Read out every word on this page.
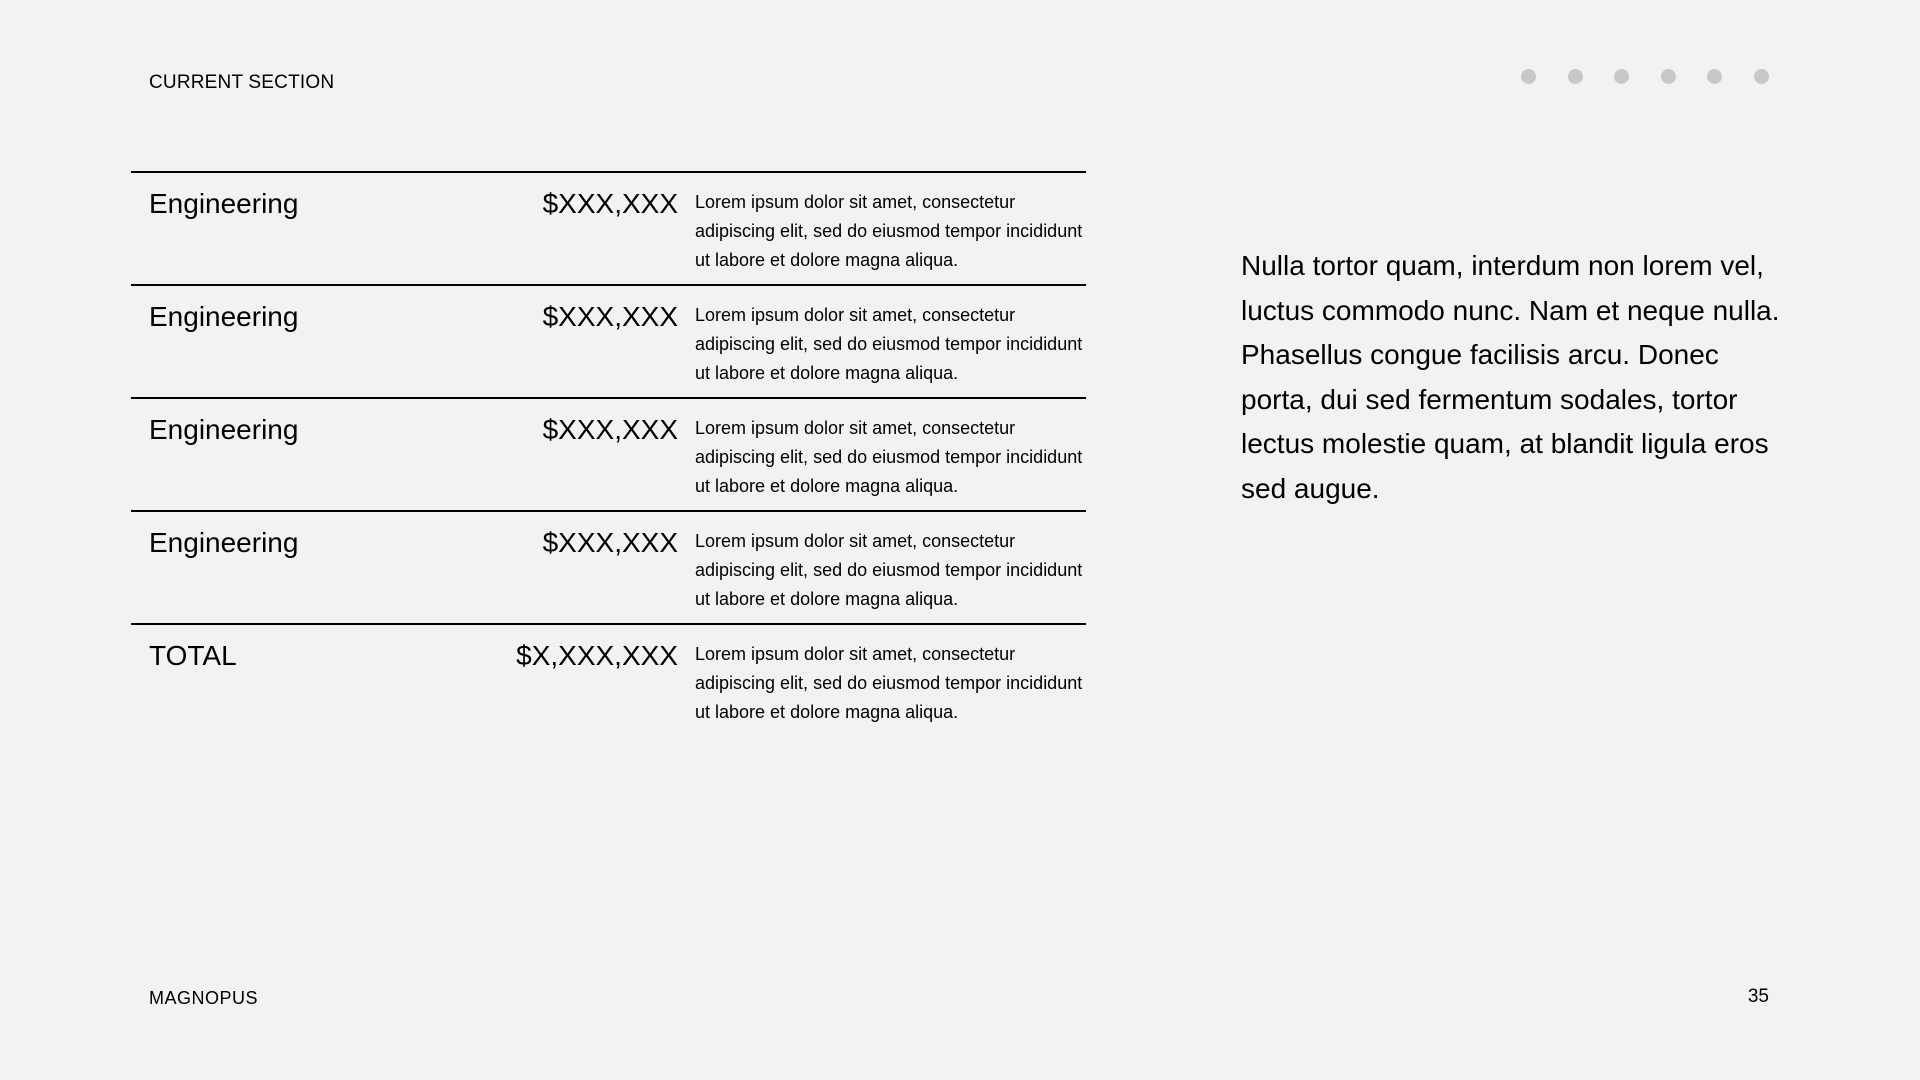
CURRENT SECTION
Engineering	$XXX,XXX Lorem ipsum dolor sit amet, consectetur adipiscing elit, sed do eiusmod tempor incididunt ut labore et dolore magna aliqua.
Engineering	$XXX,XXX Lorem ipsum dolor sit amet, consectetur adipiscing elit, sed do eiusmod tempor incididunt ut labore et dolore magna aliqua.
Engineering	$XXX,XXX Lorem ipsum dolor sit amet, consectetur adipiscing elit, sed do eiusmod tempor incididunt ut labore et dolore magna aliqua.
Engineering	$XXX,XXX Lorem ipsum dolor sit amet, consectetur adipiscing elit, sed do eiusmod tempor incididunt ut labore et dolore magna aliqua.
TOTAL	$X,XXX,XXX Lorem ipsum dolor sit amet, consectetur adipiscing elit, sed do eiusmod tempor incididunt ut labore et dolore magna aliqua.

Nulla tortor quam, interdum non lorem vel, luctus commodo nunc. Nam et neque nulla. Phasellus congue facilisis arcu. Donec porta, dui sed fermentum sodales, tortor lectus molestie quam, at blandit ligula eros sed augue.

MAGNOPUS	35
